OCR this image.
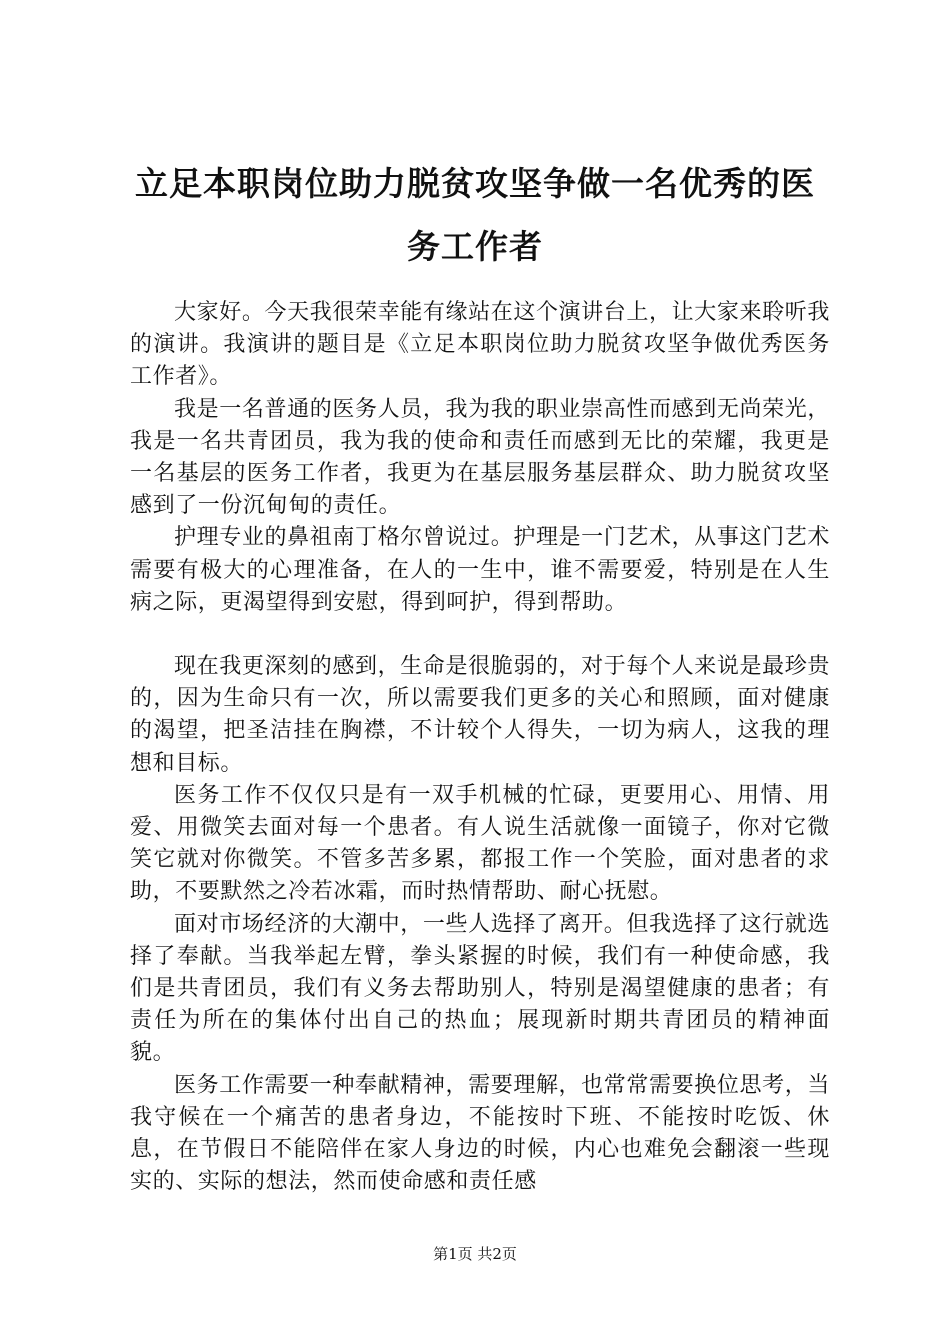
立足本职岗位助力脱贫攻坚争做一名优秀的医
务工作者

大家好。今天我很荣幸能有缘站在这个演讲台上，让大家来聆听我的演讲。我演讲的题目是《立足本职岗位助力脱贫攻坚争做优秀医务工作者》。

我是一名普通的医务人员，我为我的职业崇高性而感到无尚荣光，我是一名共青团员，我为我的使命和责任而感到无比的荣耀，我更是一名基层的医务工作者，我更为在基层服务基层群众、助力脱贫攻坚感到了一份沉甸甸的责任。

护理专业的鼻祖南丁格尔曾说过。护理是一门艺术，从事这门艺术需要有极大的心理准备，在人的一生中，谁不需要爱，特别是在人生病之际，更渴望得到安慰，得到呵护，得到帮助。

现在我更深刻的感到，生命是很脆弱的，对于每个人来说是最珍贵的，因为生命只有一次，所以需要我们更多的关心和照顾，面对健康的渴望，把圣洁挂在胸襟，不计较个人得失，一切为病人，这我的理想和目标。

医务工作不仅仅只是有一双手机械的忙碌，更要用心、用情、用爱、用微笑去面对每一个患者。有人说生活就像一面镜子，你对它微笑它就对你微笑。不管多苦多累，都报工作一个笑脸，面对患者的求助，不要默然之冷若冰霜，而时热情帮助、耐心抚慰。

面对市场经济的大潮中，一些人选择了离开。但我选择了这行就选择了奉献。当我举起左臂，拳头紧握的时候，我们有一种使命感，我们是共青团员，我们有义务去帮助别人，特别是渴望健康的患者；有责任为所在的集体付出自己的热血；展现新时期共青团员的精神面貌。

医务工作需要一种奉献精神，需要理解，也常常需要换位思考，当我守候在一个痛苦的患者身边，不能按时下班、不能按时吃饭、休息，在节假日不能陪伴在家人身边的时候，内心也难免会翻滚一些现实的、实际的想法，然而使命感和责任感

第1页 共2页
